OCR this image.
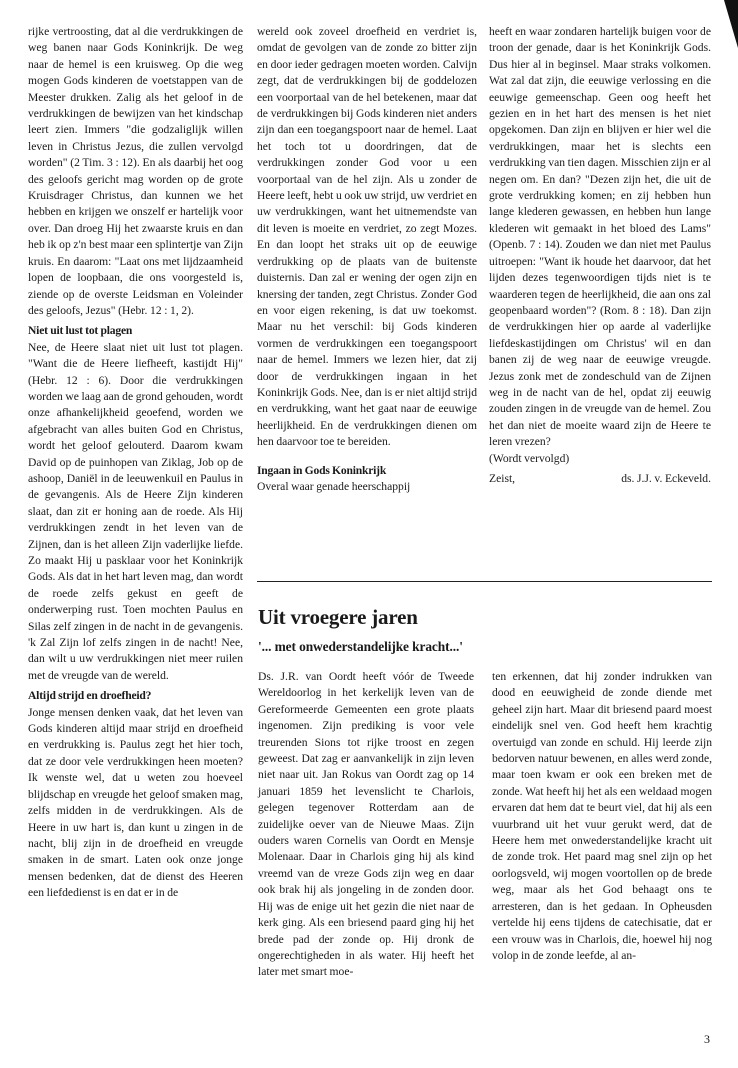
rijke vertroosting, dat al die verdrukkingen de weg banen naar Gods Koninkrijk. De weg naar de hemel is een kruisweg. Op die weg mogen Gods kinderen de voetstappen van de Meester drukken. Zalig als het geloof in de verdrukkingen de bewijzen van het kindschap leert zien. Immers "die godzaliglijk willen leven in Christus Jezus, die zullen vervolgd worden" (2 Tim. 3 : 12). En als daarbij het oog des geloofs gericht mag worden op de grote Kruisdrager Christus, dan kunnen we het hebben en krijgen we onszelf er hartelijk voor over. Dan droeg Hij het zwaarste kruis en dan heb ik op z'n best maar een splintertje van Zijn kruis. En daarom: "Laat ons met lijdzaamheid lopen de loopbaan, die ons voorgesteld is, ziende op de overste Leidsman en Voleinder des geloofs, Jezus" (Hebr. 12 : 1, 2).

Niet uit lust tot plagen

Nee, de Heere slaat niet uit lust tot plagen. "Want die de Heere liefheeft, kastijdt Hij" (Hebr. 12 : 6). Door die verdrukkingen worden we laag aan de grond gehouden, wordt onze afhankelijkheid geoefend, worden we afgebracht van alles buiten God en Christus, wordt het geloof gelouterd. Daarom kwam David op de puinhopen van Ziklag, Job op de ashoop, Daniël in de leeuwenkuil en Paulus in de gevangenis. Als de Heere Zijn kinderen slaat, dan zit er honing aan de roede. Als Hij verdrukkingen zendt in het leven van de Zijnen, dan is het alleen Zijn vaderlijke liefde. Zo maakt Hij u pasklaar voor het Koninkrijk Gods. Als dat in het hart leven mag, dan wordt de roede zelfs gekust en geeft de onderwerping rust. Toen mochten Paulus en Silas zelf zingen in de nacht in de gevangenis. 'k Zal Zijn lof zelfs zingen in de nacht! Nee, dan wilt u uw verdrukkingen niet meer ruilen met de vreugde van de wereld.

Altijd strijd en droefheid?

Jonge mensen denken vaak, dat het leven van Gods kinderen altijd maar strijd en droefheid en verdrukking is. Paulus zegt het hier toch, dat ze door vele verdrukkingen heen moeten? Ik wenste wel, dat u weten zou hoeveel blijdschap en vreugde het geloof smaken mag, zelfs midden in de verdrukkingen. Als de Heere in uw hart is, dan kunt u zingen in de nacht, blij zijn in de droefheid en vreugde smaken in de smart. Laten ook onze jonge mensen bedenken, dat de dienst des Heeren een liefdedienst is en dat er in de

wereld ook zoveel droefheid en verdriet is, omdat de gevolgen van de zonde zo bitter zijn en door ieder gedragen moeten worden. Calvijn zegt, dat de verdrukkingen bij de goddelozen een voorportaal van de hel betekenen, maar dat de verdrukkingen bij Gods kinderen niet anders zijn dan een toegangspoort naar de hemel. Laat het toch tot u doordringen, dat de verdrukkingen zonder God voor u een voorportaal van de hel zijn. Als u zonder de Heere leeft, hebt u ook uw strijd, uw verdriet en uw verdrukkingen, want het uitnemendste van dit leven is moeite en verdriet, zo zegt Mozes. En dan loopt het straks uit op de eeuwige verdrukking op de plaats van de buitenste duisternis. Dan zal er wening der ogen zijn en knersing der tanden, zegt Christus. Zonder God en voor eigen rekening, is dat uw toekomst. Maar nu het verschil: bij Gods kinderen vormen de verdrukkingen een toegangspoort naar de hemel. Immers we lezen hier, dat zij door de verdrukkingen ingaan in het Koninkrijk Gods. Nee, dan is er niet altijd strijd en verdrukking, want het gaat naar de eeuwige heerlijkheid. En de verdrukkingen dienen om hen daarvoor toe te bereiden.

Ingaan in Gods Koninkrijk

Overal waar genade heerschappij

heeft en waar zondaren hartelijk buigen voor de troon der genade, daar is het Koninkrijk Gods. Dus hier al in beginsel. Maar straks volkomen. Wat zal dat zijn, die eeuwige verlossing en die eeuwige gemeenschap. Geen oog heeft het gezien en in het hart des mensen is het niet opgekomen. Dan zijn en blijven er hier wel die verdrukkingen, maar het is slechts een verdrukking van tien dagen. Misschien zijn er al negen om. En dan? "Dezen zijn het, die uit de grote verdrukking komen; en zij hebben hun lange klederen gewassen, en hebben hun lange klederen wit gemaakt in het bloed des Lams" (Openb. 7 : 14). Zouden we dan niet met Paulus uitroepen: "Want ik houde het daarvoor, dat het lijden dezes tegenwoordigen tijds niet is te waarderen tegen de heerlijkheid, die aan ons zal geopenbaard worden"? (Rom. 8 : 18). Dan zijn de verdrukkingen hier op aarde al vaderlijke liefdeskastijdingen om Christus' wil en dan banen zij de weg naar de eeuwige vreugde. Jezus zonk met de zondeschuld van de Zijnen weg in de nacht van de hel, opdat zij eeuwig zouden zingen in de vreugde van de hemel. Zou het dan niet de moeite waard zijn de Heere te leren vrezen?

(Wordt vervolgd)

Zeist,	ds. J.J. v. Eckeveld.
Uit vroegere jaren
'... met onwederstandelijke kracht...'

Ds. J.R. van Oordt heeft vóór de Tweede Wereldoorlog in het kerkelijk leven van de Gereformeerde Gemeenten een grote plaats ingenomen. Zijn prediking is voor vele treurenden Sions tot rijke troost en zegen geweest. Dat zag er aanvankelijk in zijn leven niet naar uit. Jan Rokus van Oordt zag op 14 januari 1859 het levenslicht te Charlois, gelegen tegenover Rotterdam aan de zuidelijke oever van de Nieuwe Maas. Zijn ouders waren Cornelis van Oordt en Mensje Molenaar. Daar in Charlois ging hij als kind vreemd van de vreze Gods zijn weg en daar ook brak hij als jongeling in de zonden door. Hij was de enige uit het gezin die niet naar de kerk ging. Als een briesend paard ging hij het brede pad der zonde op. Hij dronk de ongerechtigheden in als water. Hij heeft het later met smart moe-

ten erkennen, dat hij zonder indrukken van dood en eeuwigheid de zonde diende met geheel zijn hart. Maar dit briesend paard moest eindelijk snel ven. God heeft hem krachtig overtuigd van zonde en schuld. Hij leerde zijn bedorven natuur bewenen, en alles werd zonde, maar toen kwam er ook een breken met de zonde. Wat heeft hij het als een weldaad mogen ervaren dat hem dat te beurt viel, dat hij als een vuurbrand uit het vuur gerukt werd, dat de Heere hem met onwederstandelijke kracht uit de zonde trok. Het paard mag snel zijn op het oorlogsveld, wij mogen voortollen op de brede weg, maar als het God behaagt ons te arresteren, dan is het gedaan. In Opheusden vertelde hij eens tijdens de catechisatie, dat er een vrouw was in Charlois, die, hoewel hij nog volop in de zonde leefde, al an-

3
